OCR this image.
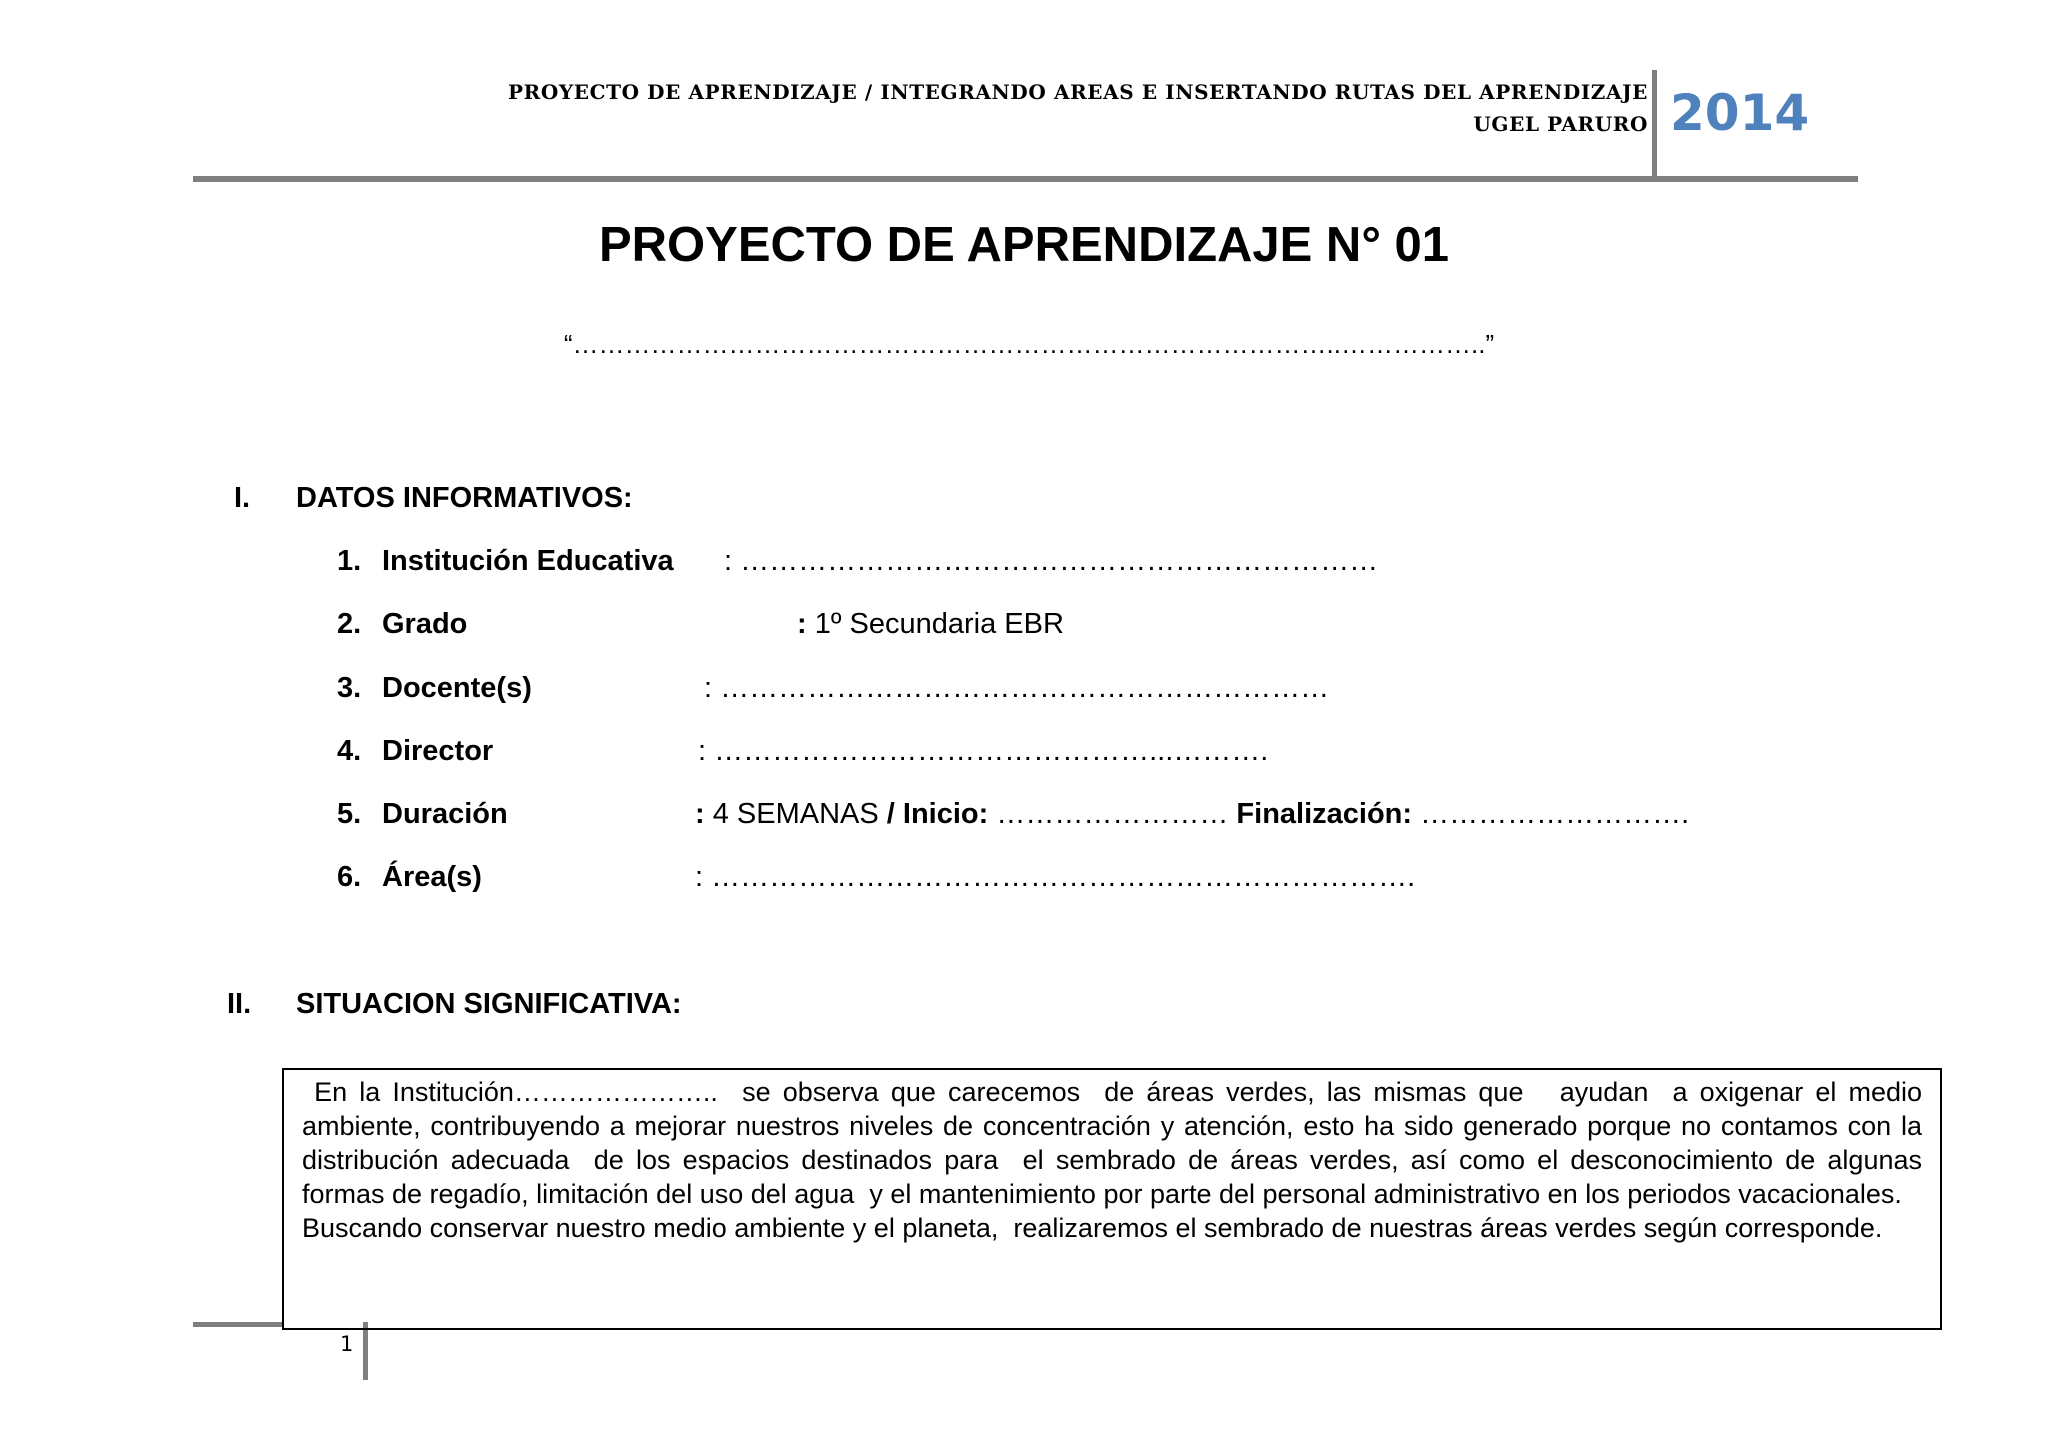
PROYECTO DE APRENDIZAJE / INTEGRANDO AREAS E INSERTANDO RUTAS DEL APRENDIZAJE
UGEL PARURO 2014
PROYECTO DE APRENDIZAJE N° 01
“……………………………………………………………………………..……………..”
I. DATOS INFORMATIVOS:
1. Institución Educativa : …………………………………………………………
2. Grado	: 1º Secundaria EBR
3. Docente(s)	: ………………………………………………………
4. Director	: ………………………………………...……….
5. Duración	: 4 SEMANAS / Inicio: …………………… Finalización: ……………………….
6. Área(s)	: ……………………………………………………………….
II. SITUACION SIGNIFICATIVA:
1

En la Institución…………………..  se observa que carecemos  de áreas verdes, las mismas que   ayudan  a oxigenar el medio ambiente, contribuyendo a mejorar nuestros niveles de concentración y atención, esto ha sido generado porque no contamos con la distribución adecuada  de los espacios destinados para  el sembrado de áreas verdes, así como el desconocimiento de algunas formas de regadío, limitación del uso del agua  y el mantenimiento por parte del personal administrativo en los periodos vacacionales.

Buscando conservar nuestro medio ambiente y el planeta,  realizaremos el sembrado de nuestras áreas verdes según corresponde.
